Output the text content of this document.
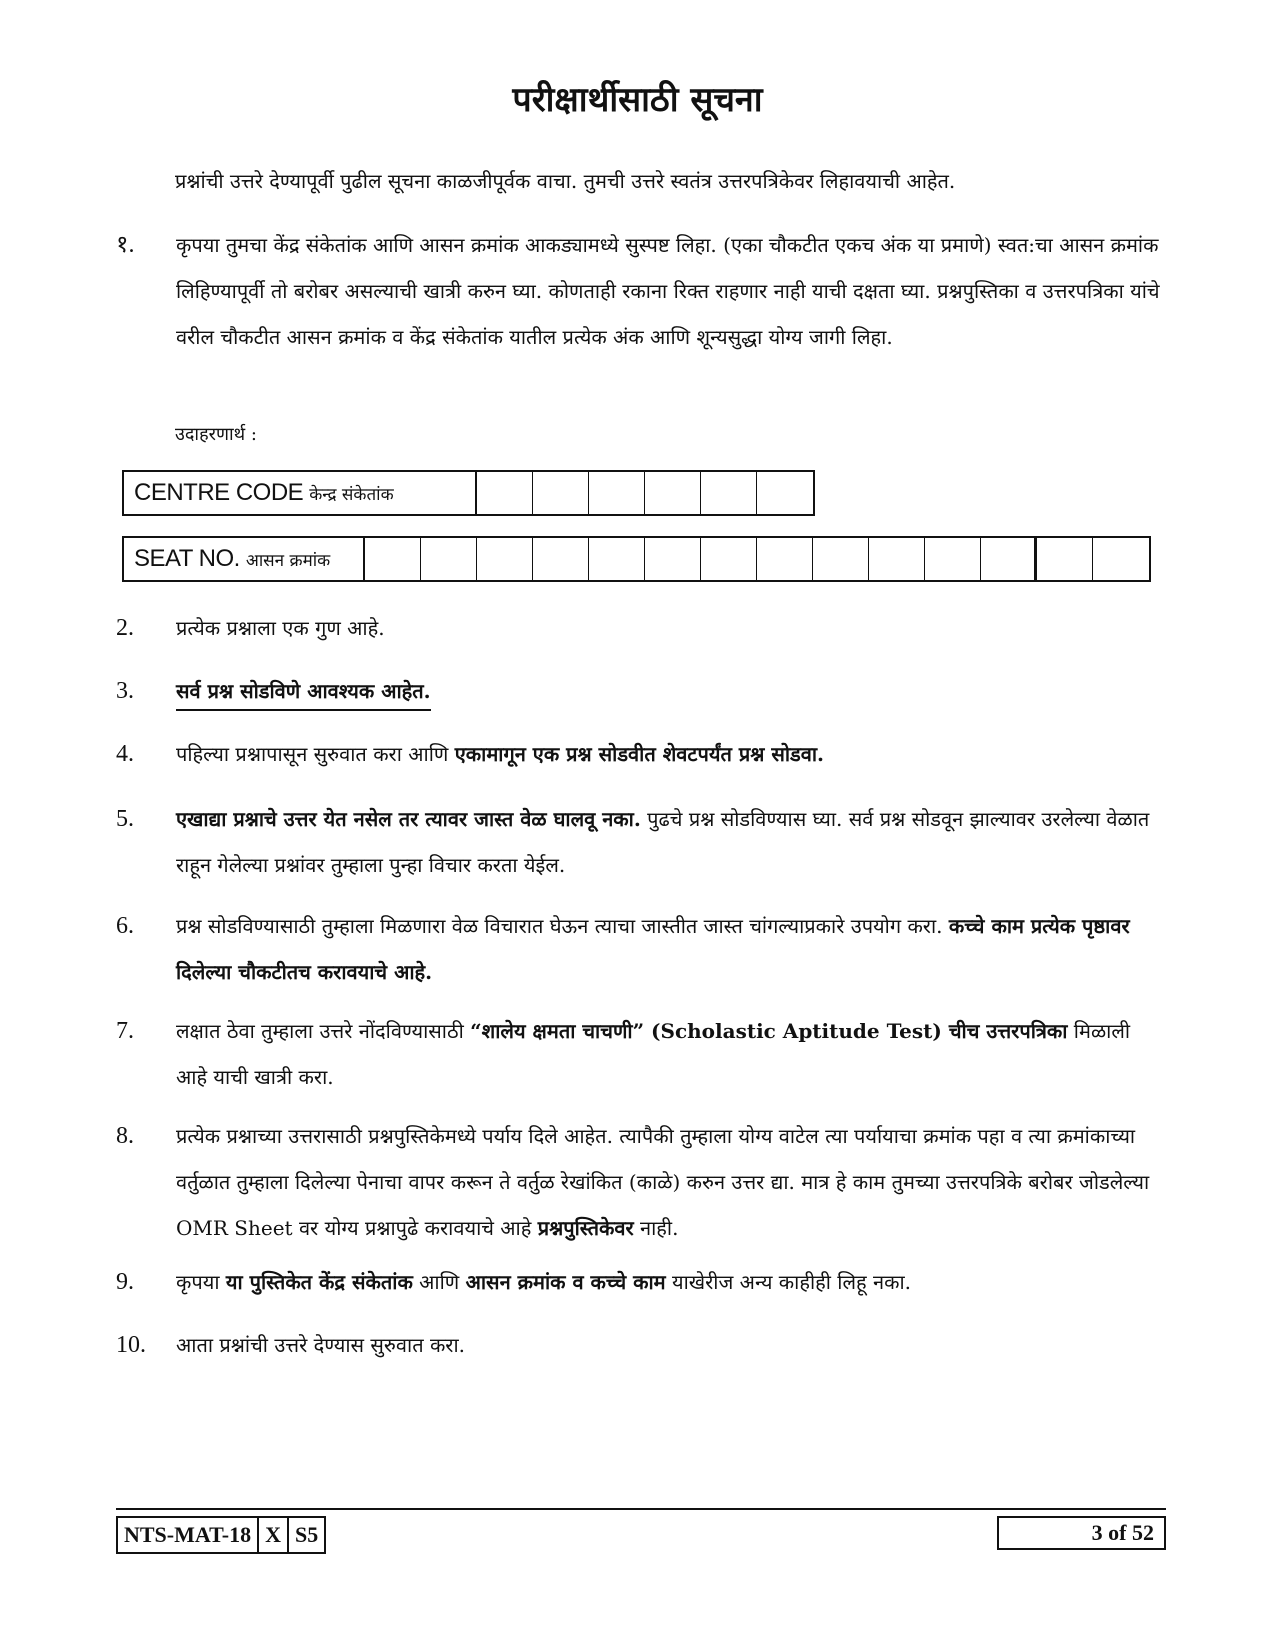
परीक्षार्थीसाठी सूचना
प्रश्नांची उत्तरे देण्यापूर्वी पुढील सूचना काळजीपूर्वक वाचा. तुमची उत्तरे स्वतंत्र उत्तरपत्रिकेवर लिहावयाची आहेत.
१.	कृपया तुमचा केंद्र संकेतांक आणि आसन क्रमांक आकड्यामध्ये सुस्पष्ट लिहा. (एका चौकटीत एकच अंक या प्रमाणे) स्वत:चा आसन क्रमांक लिहिण्यापूर्वी तो बरोबर असल्याची खात्री करुन घ्या. कोणताही रकाना रिक्त राहणार नाही याची दक्षता घ्या. प्रश्नपुस्तिका व उत्तरपत्रिका यांचे वरील चौकटीत आसन क्रमांक व केंद्र संकेतांक यातील प्रत्येक अंक आणि शून्यसुद्धा योग्य जागी लिहा.
उदाहरणार्थ :
CENTRE CODE केन्द्र संकेतांक
SEAT NO. आसन क्रमांक
2.	प्रत्येक प्रश्नाला एक गुण आहे.
3.	सर्व प्रश्न सोडविणे आवश्यक आहेत.
4.	पहिल्या प्रश्नापासून सुरुवात करा आणि एकामागून एक प्रश्न सोडवीत शेवटपर्यंत प्रश्न सोडवा.
5.	एखाद्या प्रश्नाचे उत्तर येत नसेल तर त्यावर जास्त वेळ घालवू नका. पुढचे प्रश्न सोडविण्यास घ्या. सर्व प्रश्न सोडवून झाल्यावर उरलेल्या वेळात राहून गेलेल्या प्रश्नांवर तुम्हाला पुन्हा विचार करता येईल.
6.	प्रश्न सोडविण्यासाठी तुम्हाला मिळणारा वेळ विचारात घेऊन त्याचा जास्तीत जास्त चांगल्याप्रकारे उपयोग करा. कच्चे काम प्रत्येक पृष्ठावर दिलेल्या चौकटीतच करावयाचे आहे.
7.	लक्षात ठेवा तुम्हाला उत्तरे नोंदविण्यासाठी “शालेय क्षमता चाचणी” (Scholastic Aptitude Test) चीच उत्तरपत्रिका मिळाली आहे याची खात्री करा.
8.	प्रत्येक प्रश्नाच्या उत्तरासाठी प्रश्नपुस्तिकेमध्ये पर्याय दिले आहेत. त्यापैकी तुम्हाला योग्य वाटेल त्या पर्यायाचा क्रमांक पहा व त्या क्रमांकाच्या वर्तुळात तुम्हाला दिलेल्या पेनाचा वापर करून ते वर्तुळ रेखांकित (काळे) करुन उत्तर द्या. मात्र हे काम तुमच्या उत्तरपत्रिके बरोबर जोडलेल्या OMR Sheet वर योग्य प्रश्नापुढे करावयाचे आहे प्रश्नपुस्तिकेवर नाही.
9.	कृपया या पुस्तिकेत केंद्र संकेतांक आणि आसन क्रमांक व कच्चे काम याखेरीज अन्य काहीही लिहू नका.
10.	आता प्रश्नांची उत्तरे देण्यास सुरुवात करा.
NTS-MAT-18 X S5	3 of 52
